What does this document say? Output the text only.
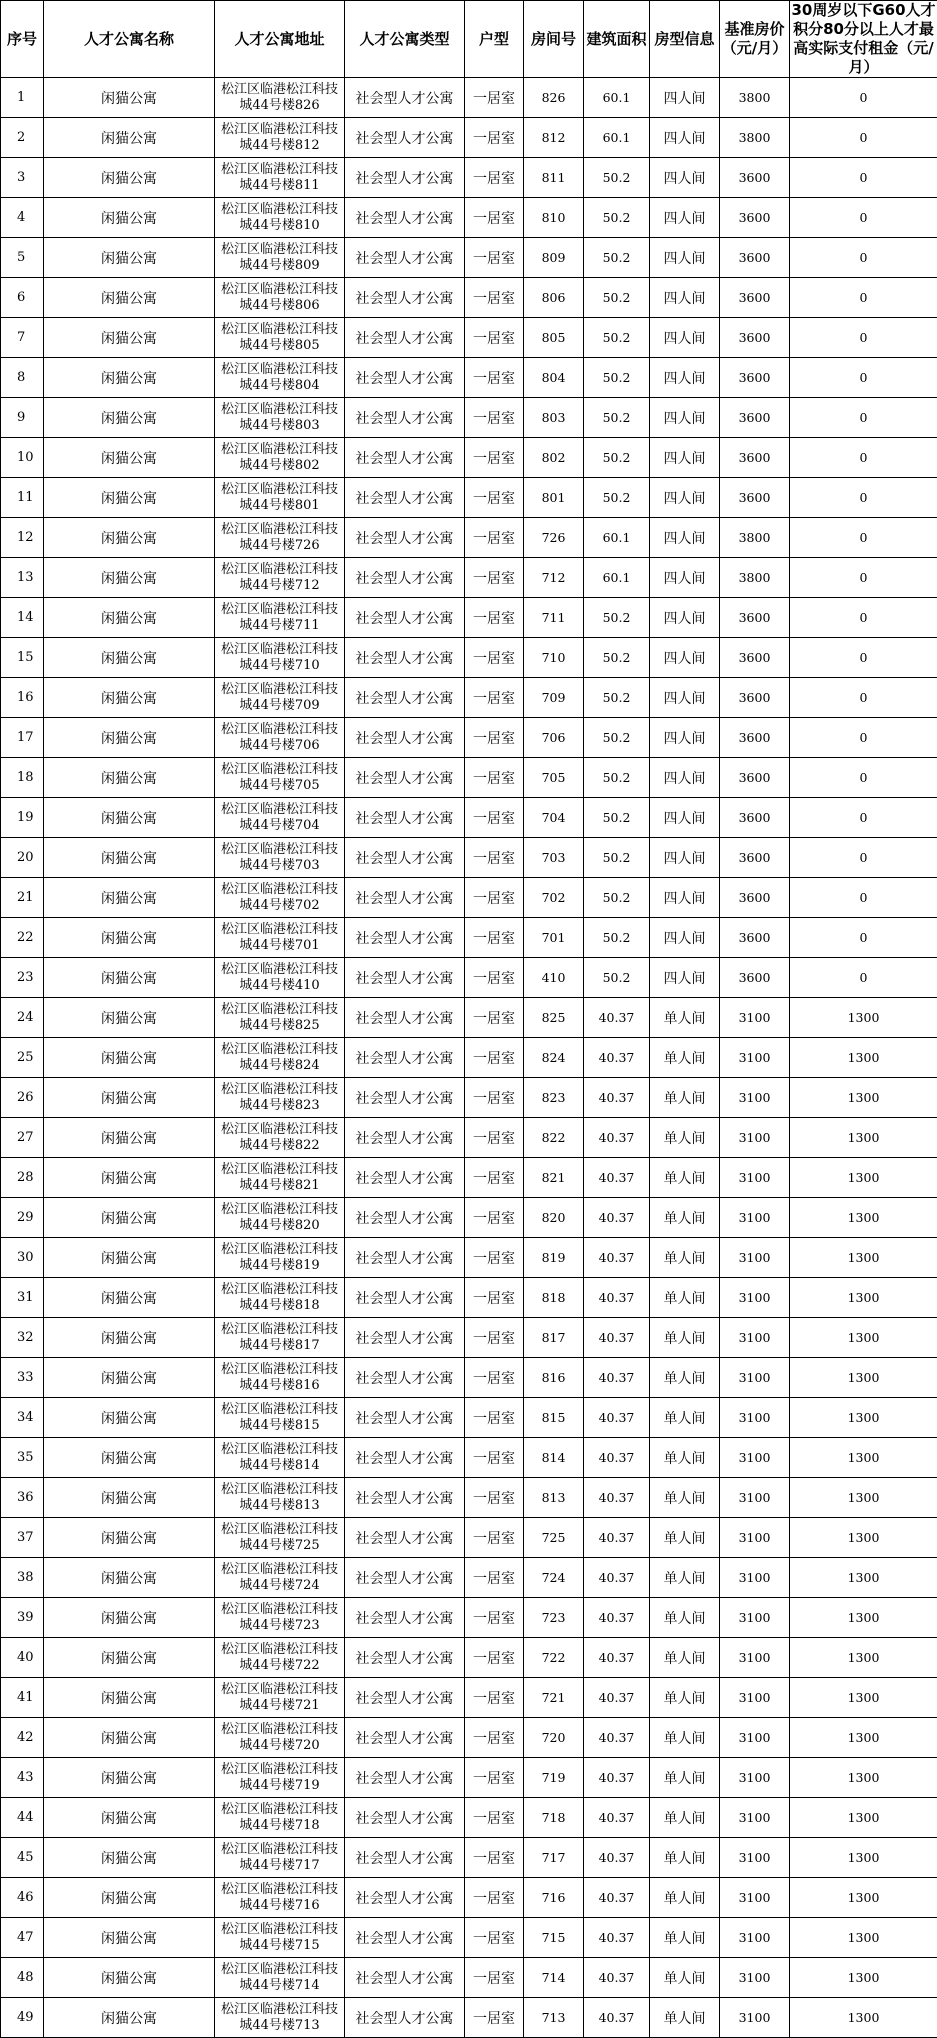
序号	人才公寓名称	人才公寓地址	人才公寓类型	户型	房间号	建筑面积	房型信息	基准房价（元/月）	30周岁以下G60人才积分80分以上人才最高实际支付租金（元/月）
1	闲猫公寓	松江区临港松江科技城44号楼826	社会型人才公寓	一居室	826	60.1	四人间	3800	0
2	闲猫公寓	松江区临港松江科技城44号楼812	社会型人才公寓	一居室	812	60.1	四人间	3800	0
3	闲猫公寓	松江区临港松江科技城44号楼811	社会型人才公寓	一居室	811	50.2	四人间	3600	0
4	闲猫公寓	松江区临港松江科技城44号楼810	社会型人才公寓	一居室	810	50.2	四人间	3600	0
5	闲猫公寓	松江区临港松江科技城44号楼809	社会型人才公寓	一居室	809	50.2	四人间	3600	0
6	闲猫公寓	松江区临港松江科技城44号楼806	社会型人才公寓	一居室	806	50.2	四人间	3600	0
7	闲猫公寓	松江区临港松江科技城44号楼805	社会型人才公寓	一居室	805	50.2	四人间	3600	0
8	闲猫公寓	松江区临港松江科技城44号楼804	社会型人才公寓	一居室	804	50.2	四人间	3600	0
9	闲猫公寓	松江区临港松江科技城44号楼803	社会型人才公寓	一居室	803	50.2	四人间	3600	0
10	闲猫公寓	松江区临港松江科技城44号楼802	社会型人才公寓	一居室	802	50.2	四人间	3600	0
11	闲猫公寓	松江区临港松江科技城44号楼801	社会型人才公寓	一居室	801	50.2	四人间	3600	0
12	闲猫公寓	松江区临港松江科技城44号楼726	社会型人才公寓	一居室	726	60.1	四人间	3800	0
13	闲猫公寓	松江区临港松江科技城44号楼712	社会型人才公寓	一居室	712	60.1	四人间	3800	0
14	闲猫公寓	松江区临港松江科技城44号楼711	社会型人才公寓	一居室	711	50.2	四人间	3600	0
15	闲猫公寓	松江区临港松江科技城44号楼710	社会型人才公寓	一居室	710	50.2	四人间	3600	0
16	闲猫公寓	松江区临港松江科技城44号楼709	社会型人才公寓	一居室	709	50.2	四人间	3600	0
17	闲猫公寓	松江区临港松江科技城44号楼706	社会型人才公寓	一居室	706	50.2	四人间	3600	0
18	闲猫公寓	松江区临港松江科技城44号楼705	社会型人才公寓	一居室	705	50.2	四人间	3600	0
19	闲猫公寓	松江区临港松江科技城44号楼704	社会型人才公寓	一居室	704	50.2	四人间	3600	0
20	闲猫公寓	松江区临港松江科技城44号楼703	社会型人才公寓	一居室	703	50.2	四人间	3600	0
21	闲猫公寓	松江区临港松江科技城44号楼702	社会型人才公寓	一居室	702	50.2	四人间	3600	0
22	闲猫公寓	松江区临港松江科技城44号楼701	社会型人才公寓	一居室	701	50.2	四人间	3600	0
23	闲猫公寓	松江区临港松江科技城44号楼410	社会型人才公寓	一居室	410	50.2	四人间	3600	0
24	闲猫公寓	松江区临港松江科技城44号楼825	社会型人才公寓	一居室	825	40.37	单人间	3100	1300
25	闲猫公寓	松江区临港松江科技城44号楼824	社会型人才公寓	一居室	824	40.37	单人间	3100	1300
26	闲猫公寓	松江区临港松江科技城44号楼823	社会型人才公寓	一居室	823	40.37	单人间	3100	1300
27	闲猫公寓	松江区临港松江科技城44号楼822	社会型人才公寓	一居室	822	40.37	单人间	3100	1300
28	闲猫公寓	松江区临港松江科技城44号楼821	社会型人才公寓	一居室	821	40.37	单人间	3100	1300
29	闲猫公寓	松江区临港松江科技城44号楼820	社会型人才公寓	一居室	820	40.37	单人间	3100	1300
30	闲猫公寓	松江区临港松江科技城44号楼819	社会型人才公寓	一居室	819	40.37	单人间	3100	1300
31	闲猫公寓	松江区临港松江科技城44号楼818	社会型人才公寓	一居室	818	40.37	单人间	3100	1300
32	闲猫公寓	松江区临港松江科技城44号楼817	社会型人才公寓	一居室	817	40.37	单人间	3100	1300
33	闲猫公寓	松江区临港松江科技城44号楼816	社会型人才公寓	一居室	816	40.37	单人间	3100	1300
34	闲猫公寓	松江区临港松江科技城44号楼815	社会型人才公寓	一居室	815	40.37	单人间	3100	1300
35	闲猫公寓	松江区临港松江科技城44号楼814	社会型人才公寓	一居室	814	40.37	单人间	3100	1300
36	闲猫公寓	松江区临港松江科技城44号楼813	社会型人才公寓	一居室	813	40.37	单人间	3100	1300
37	闲猫公寓	松江区临港松江科技城44号楼725	社会型人才公寓	一居室	725	40.37	单人间	3100	1300
38	闲猫公寓	松江区临港松江科技城44号楼724	社会型人才公寓	一居室	724	40.37	单人间	3100	1300
39	闲猫公寓	松江区临港松江科技城44号楼723	社会型人才公寓	一居室	723	40.37	单人间	3100	1300
40	闲猫公寓	松江区临港松江科技城44号楼722	社会型人才公寓	一居室	722	40.37	单人间	3100	1300
41	闲猫公寓	松江区临港松江科技城44号楼721	社会型人才公寓	一居室	721	40.37	单人间	3100	1300
42	闲猫公寓	松江区临港松江科技城44号楼720	社会型人才公寓	一居室	720	40.37	单人间	3100	1300
43	闲猫公寓	松江区临港松江科技城44号楼719	社会型人才公寓	一居室	719	40.37	单人间	3100	1300
44	闲猫公寓	松江区临港松江科技城44号楼718	社会型人才公寓	一居室	718	40.37	单人间	3100	1300
45	闲猫公寓	松江区临港松江科技城44号楼717	社会型人才公寓	一居室	717	40.37	单人间	3100	1300
46	闲猫公寓	松江区临港松江科技城44号楼716	社会型人才公寓	一居室	716	40.37	单人间	3100	1300
47	闲猫公寓	松江区临港松江科技城44号楼715	社会型人才公寓	一居室	715	40.37	单人间	3100	1300
48	闲猫公寓	松江区临港松江科技城44号楼714	社会型人才公寓	一居室	714	40.37	单人间	3100	1300
49	闲猫公寓	松江区临港松江科技城44号楼713	社会型人才公寓	一居室	713	40.37	单人间	3100	1300
